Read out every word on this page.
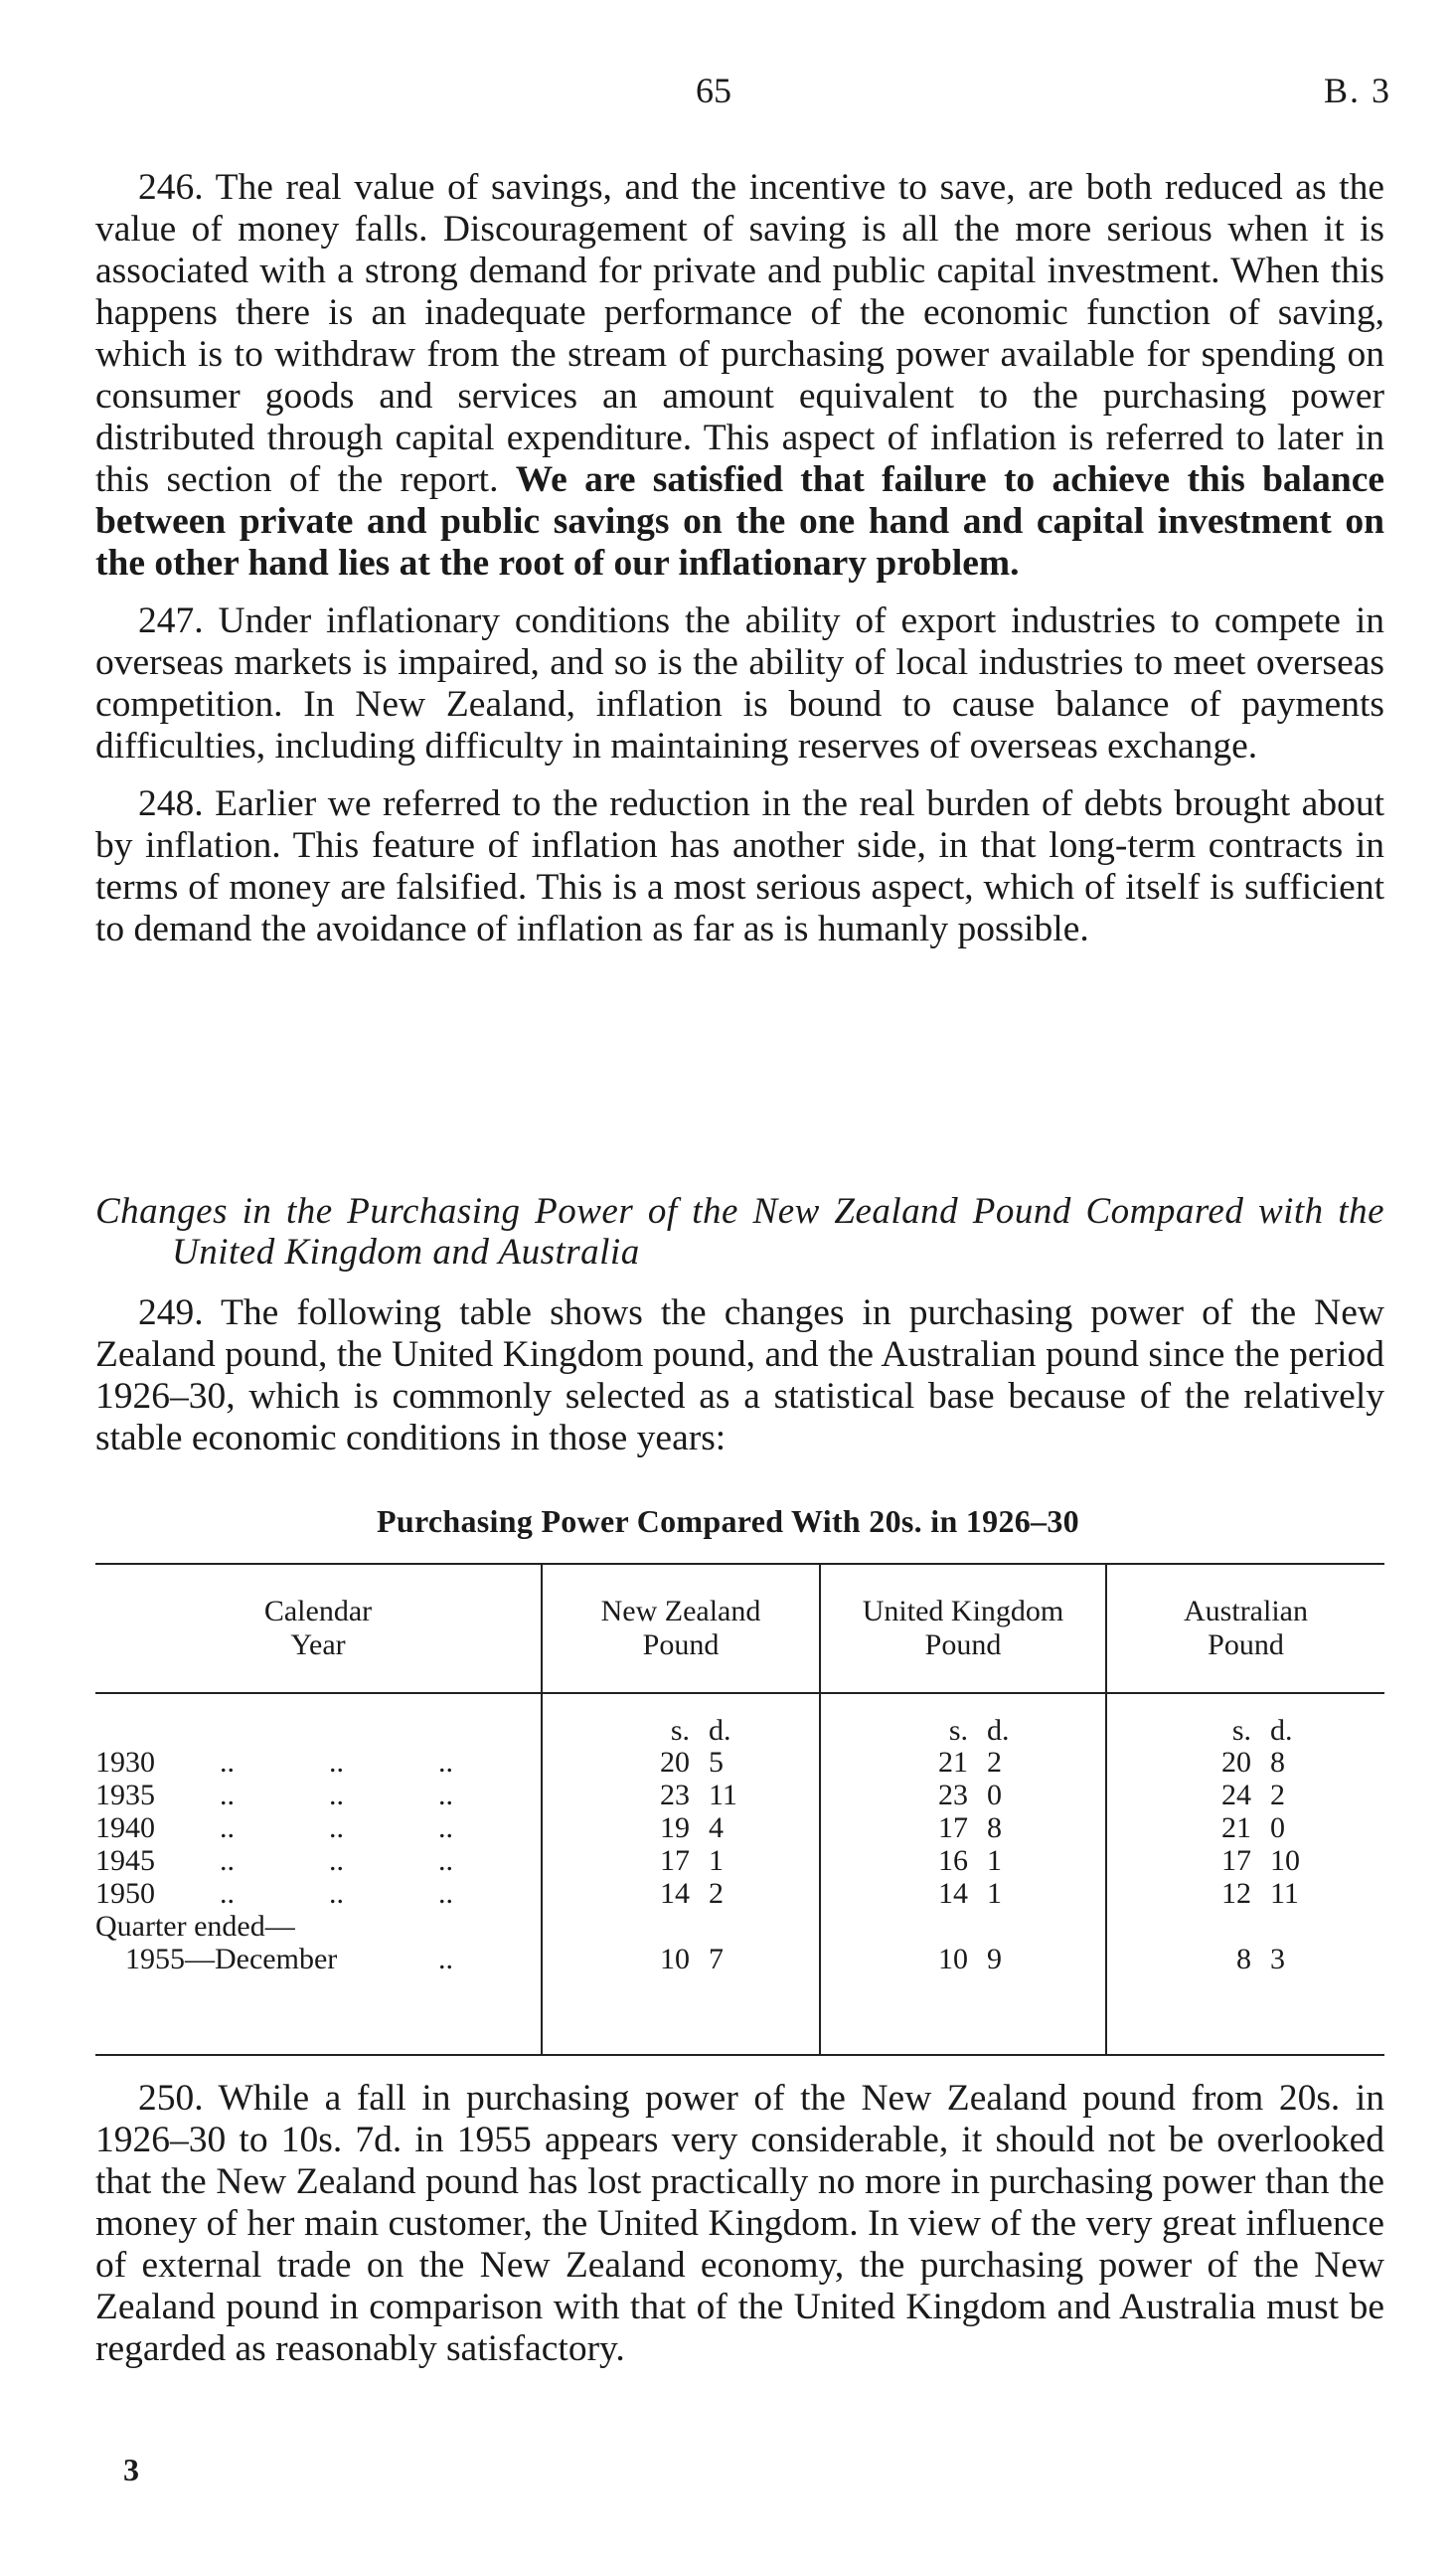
65	B. 3

246. The real value of savings, and the incentive to save, are both reduced as the value of money falls. Discouragement of saving is all the more serious when it is associated with a strong demand for private and public capital investment. When this happens there is an inadequate performance of the economic function of saving, which is to withdraw from the stream of purchasing power available for spending on consumer goods and services an amount equivalent to the purchasing power distributed through capital expenditure. This aspect of inflation is referred to later in this section of the report. We are satisfied that failure to achieve this balance between private and public savings on the one hand and capital investment on the other hand lies at the root of our inflationary problem.

247. Under inflationary conditions the ability of export industries to compete in overseas markets is impaired, and so is the ability of local industries to meet overseas competition. In New Zealand, inflation is bound to cause balance of payments difficulties, including difficulty in maintaining reserves of overseas exchange.

248. Earlier we referred to the reduction in the real burden of debts brought about by inflation. This feature of inflation has another side, in that long-term contracts in terms of money are falsified. This is a most serious aspect, which of itself is sufficient to demand the avoidance of inflation as far as is humanly possible.

Changes in the Purchasing Power of the New Zealand Pound Compared with the United Kingdom and Australia

249. The following table shows the changes in purchasing power of the New Zealand pound, the United Kingdom pound, and the Australian pound since the period 1926–30, which is commonly selected as a statistical base because of the relatively stable economic conditions in those years:

Purchasing Power Compared With 20s. in 1926–30
Calendar
Year
New Zealand
Pound
United Kingdom
Pound
Australian
Pound
s. d.	s. d.	s. d.
1930 ..	..	..	20 5	21 2	20 8
1935 ..	..	..	23 11	23 0	24 2
1940 ..	..	..	19 4	17 8	21 0
1945 ..	..	..	17 1	16 1	17 10
1950 ..	..	..	14 2	14 1	12 11
Quarter ended—
1955—December	..	10 7	10 9	8 3

250. While a fall in purchasing power of the New Zealand pound from 20s. in 1926–30 to 10s. 7d. in 1955 appears very considerable, it should not be overlooked that the New Zealand pound has lost practically no more in purchasing power than the money of her main customer, the United Kingdom. In view of the very great influence of external trade on the New Zealand economy, the purchasing power of the New Zealand pound in comparison with that of the United Kingdom and Australia must be regarded as reasonably satisfactory.

3
